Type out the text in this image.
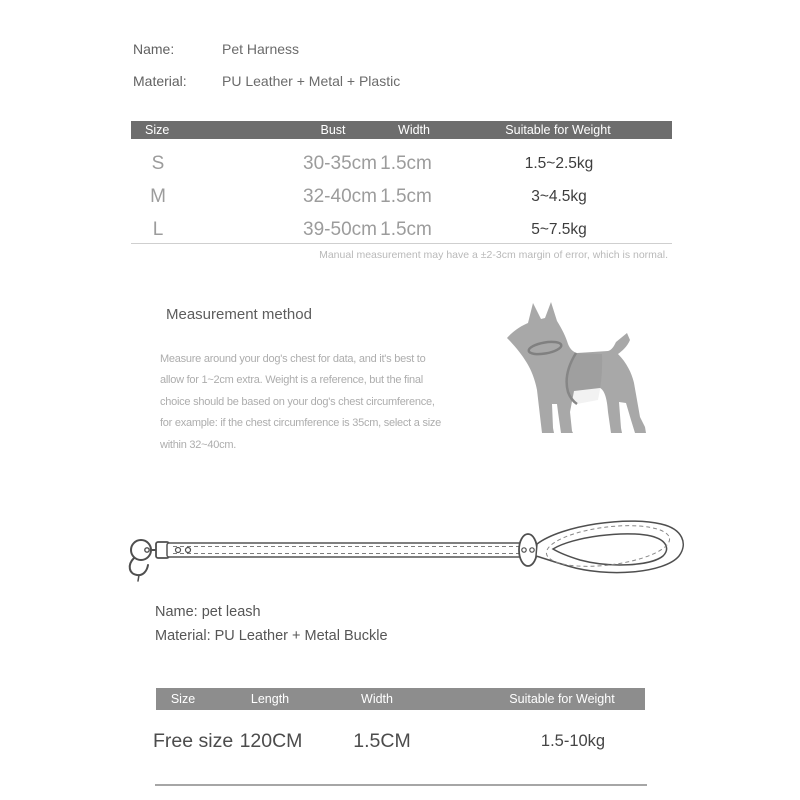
Name:	Pet Harness
Material:	PU Leather + Metal + Plastic
Size	Bust	Width	Suitable for Weight
S	30-35cm 1.5cm	1.5~2.5kg
M	32-40cm 1.5cm	3~4.5kg
L	39-50cm 1.5cm	5~7.5kg
Manual measurement may have a ±2-3cm margin of error, which is normal.
Measurement method
Measure around your dog's chest for data, and it's best to
allow for 1~2cm extra. Weight is a reference, but the final
choice should be based on your dog's chest circumference,
for example: if the chest circumference is 35cm, select a size
within 32~40cm.
Name: pet leash
Material: PU Leather + Metal Buckle
Size	Length	Width	Suitable for Weight
Free size 120CM	1.5CM	1.5-10kg
